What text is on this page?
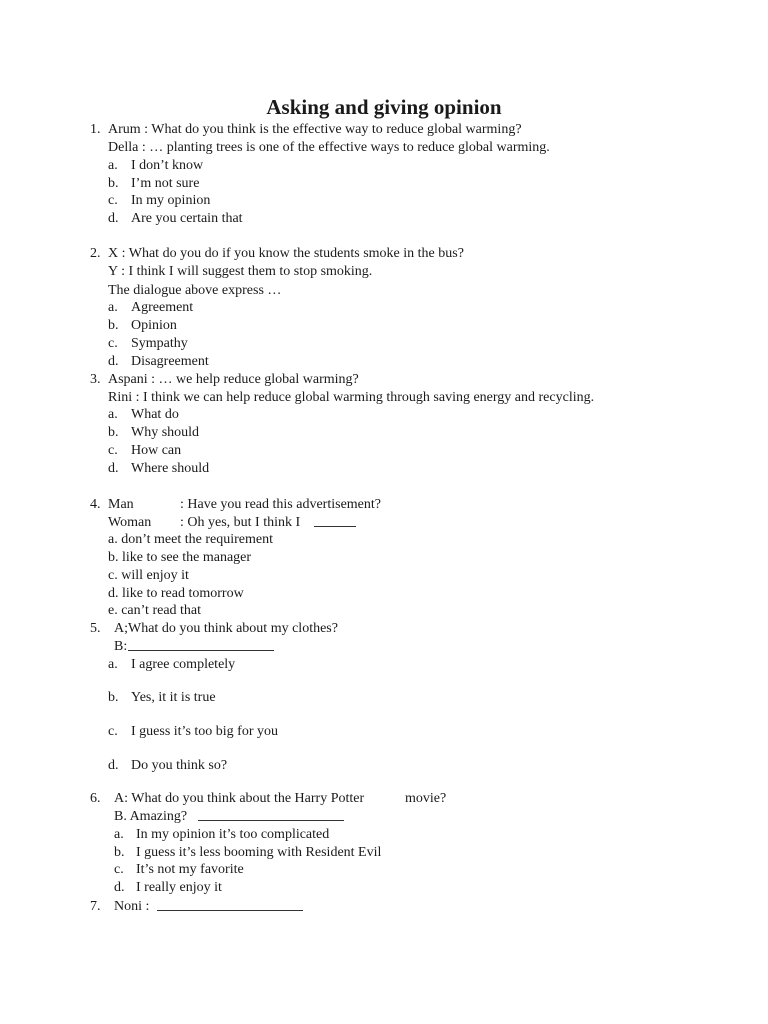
Asking and giving opinion
1. Arum : What do you think is the effective way to reduce global warming?
Della : … planting trees is one of the effective ways to reduce global warming.
a. I don’t know
b. I’m not sure
c. In my opinion
d. Are you certain that
2. X : What do you do if you know the students smoke in the bus?
Y : I think I will suggest them to stop smoking.
The dialogue above express …
a. Agreement
b. Opinion
c. Sympathy
d. Disagreement
3. Aspani : … we help reduce global warming?
Rini : I think we can help reduce global warming through saving energy and recycling.
a. What do
b. Why should
c. How can
d. Where should
4. Man	: Have you read this advertisement?
Woman : Oh yes, but I think I
a. don’t meet the requirement
b. like to see the manager
c. will enjoy it
d. like to read tomorrow
e. can’t read that
5. A;What do you think about my clothes?
B:
a. I agree completely
b. Yes, it it is true
c. I guess it’s too big for you
d. Do you think so?
6. A: What do you think about the Harry Potter	movie?
B. Amazing?
a. In my opinion it’s too complicated
b. I guess it’s less booming with Resident Evil
c. It’s not my favorite
d. I really enjoy it
7. Noni :
